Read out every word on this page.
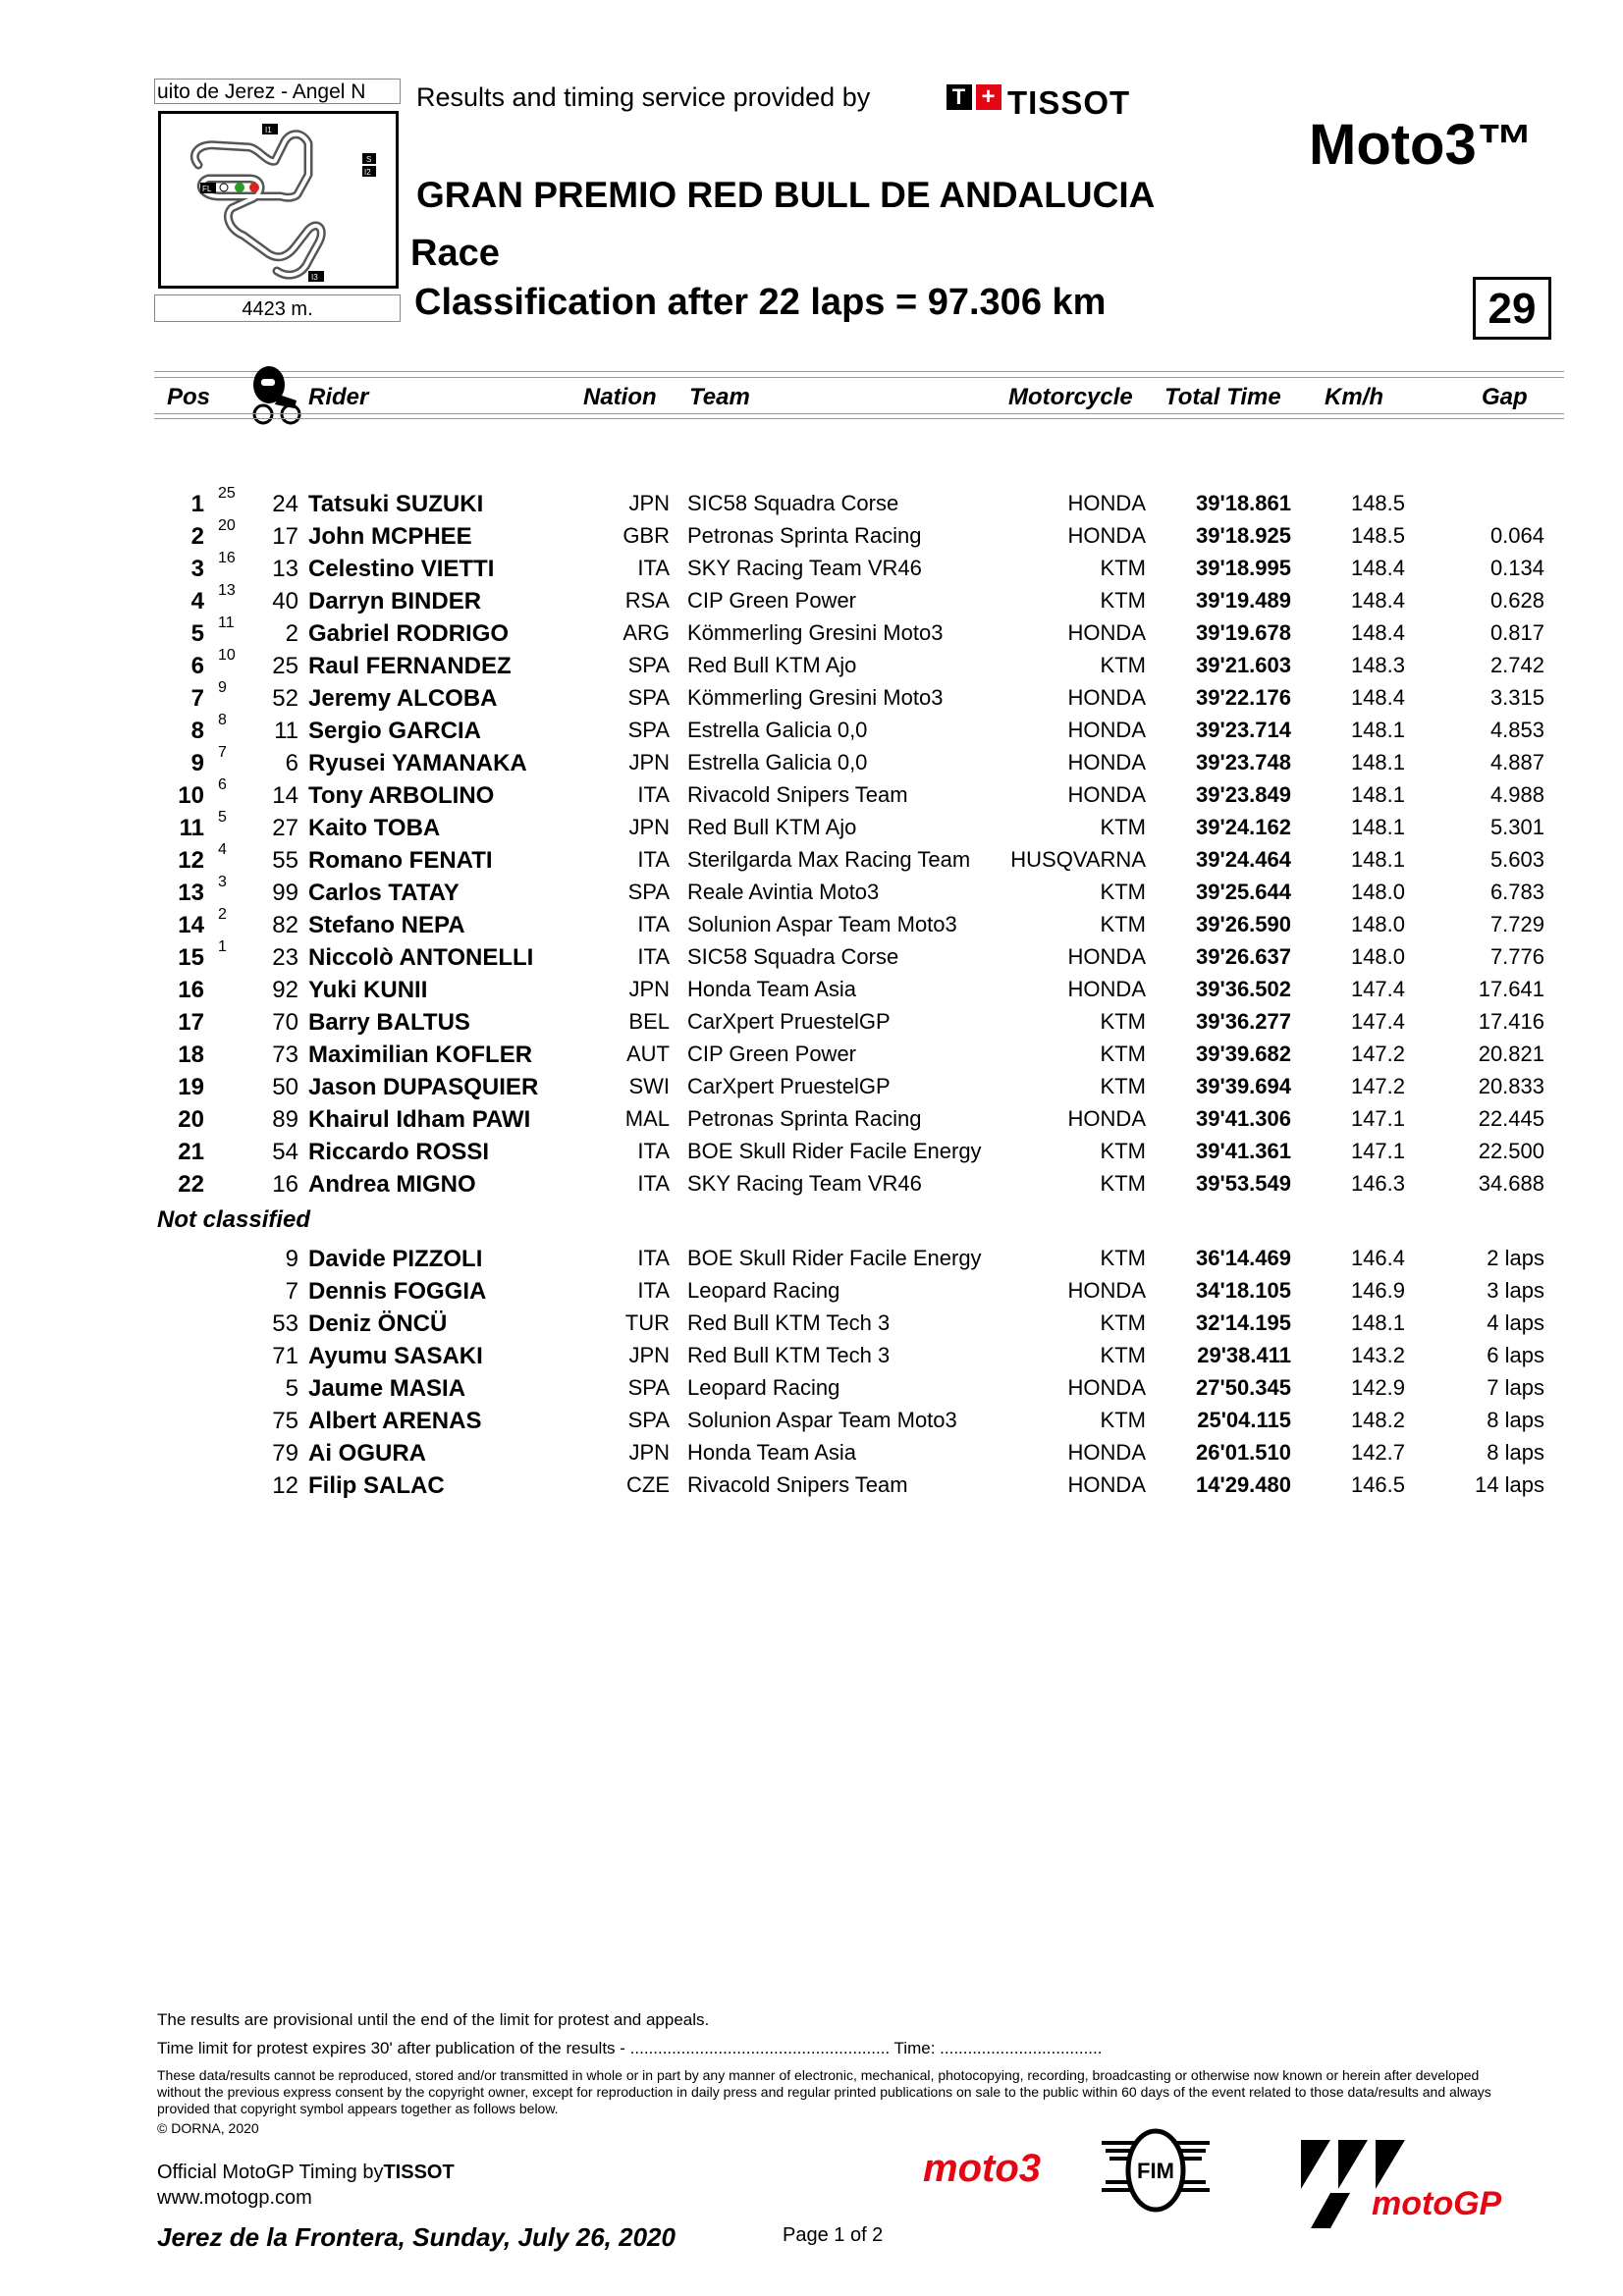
uito de Jerez - Angel N
I1
S
I2
FL
I3
4423 m.
Results and timing service provided by	T + TISSOT
Moto3™
GRAN PREMIO RED BULL DE ANDALUCIA
Race
Classification after 22 laps = 97.306 km	29
Pos	Rider	Nation Team	Motorcycle Total Time Km/h	Gap
1 25	24 Tatsuki SUZUKI	JPN SIC58 Squadra Corse	HONDA	39'18.861	148.5
2 20	17 John MCPHEE	GBR Petronas Sprinta Racing	HONDA	39'18.925	148.5	0.064
3 16	13 Celestino VIETTI	ITA SKY Racing Team VR46	KTM	39'18.995	148.4	0.134
4 13	40 Darryn BINDER	RSA CIP Green Power	KTM	39'19.489	148.4	0.628
5 11	2 Gabriel RODRIGO	ARG Kömmerling Gresini Moto3	HONDA	39'19.678	148.4	0.817
6 10	25 Raul FERNANDEZ	SPA Red Bull KTM Ajo	KTM	39'21.603	148.3	2.742
7 9	52 Jeremy ALCOBA	SPA Kömmerling Gresini Moto3	HONDA	39'22.176	148.4	3.315
8 8	11 Sergio GARCIA	SPA Estrella Galicia 0,0	HONDA	39'23.714	148.1	4.853
9 7	6 Ryusei YAMANAKA	JPN Estrella Galicia 0,0	HONDA	39'23.748	148.1	4.887
10 6	14 Tony ARBOLINO	ITA Rivacold Snipers Team	HONDA	39'23.849	148.1	4.988
11 5	27 Kaito TOBA	JPN Red Bull KTM Ajo	KTM	39'24.162	148.1	5.301
12 4	55 Romano FENATI	ITA Sterilgarda Max Racing Team	HUSQVARNA	39'24.464	148.1	5.603
13 3	99 Carlos TATAY	SPA Reale Avintia Moto3	KTM	39'25.644	148.0	6.783
14 2	82 Stefano NEPA	ITA Solunion Aspar Team Moto3	KTM	39'26.590	148.0	7.729
15 1	23 Niccolò ANTONELLI	ITA SIC58 Squadra Corse	HONDA	39'26.637	148.0	7.776
16	92 Yuki KUNII	JPN Honda Team Asia	HONDA	39'36.502	147.4	17.641
17	70 Barry BALTUS	BEL CarXpert PruestelGP	KTM	39'36.277	147.4	17.416
18	73 Maximilian KOFLER	AUT CIP Green Power	KTM	39'39.682	147.2	20.821
19	50 Jason DUPASQUIER	SWI CarXpert PruestelGP	KTM	39'39.694	147.2	20.833
20	89 Khairul Idham PAWI	MAL Petronas Sprinta Racing	HONDA	39'41.306	147.1	22.445
21	54 Riccardo ROSSI	ITA BOE Skull Rider Facile Energy	KTM	39'41.361	147.1	22.500
22	16 Andrea MIGNO	ITA SKY Racing Team VR46	KTM	39'53.549	146.3	34.688
Not classified
9 Davide PIZZOLI	ITA BOE Skull Rider Facile Energy	KTM	36'14.469	146.4	2 laps
7 Dennis FOGGIA	ITA Leopard Racing	HONDA	34'18.105	146.9	3 laps
53 Deniz ÖNCÜ	TUR Red Bull KTM Tech 3	KTM	32'14.195	148.1	4 laps
71 Ayumu SASAKI	JPN Red Bull KTM Tech 3	KTM	29'38.411	143.2	6 laps
5 Jaume MASIA	SPA Leopard Racing	HONDA	27'50.345	142.9	7 laps
75 Albert ARENAS	SPA Solunion Aspar Team Moto3	KTM	25'04.115	148.2	8 laps
79 Ai OGURA	JPN Honda Team Asia	HONDA	26'01.510	142.7	8 laps
12 Filip SALAC	CZE Rivacold Snipers Team	HONDA	14'29.480	146.5	14 laps
The results are provisional until the end of the limit for protest and appeals.
Time limit for protest expires 30' after publication of the results - ........................................................ Time: ...................................
These data/results cannot be reproduced, stored and/or transmitted in whole or in part by any manner of electronic, mechanical, photocopying, recording, broadcasting or otherwise now known or herein after developed without the previous express consent by the copyright owner, except for reproduction in daily press and regular printed publications on sale to the public within 60 days of the event related to those data/results and always provided that copyright symbol appears together as follows below.
© DORNA, 2020
Official MotoGP Timing byTISSOT
www.motogp.com
Jerez de la Frontera, Sunday, July 26, 2020	Page 1 of 2
moto3	FIM
motoGP
